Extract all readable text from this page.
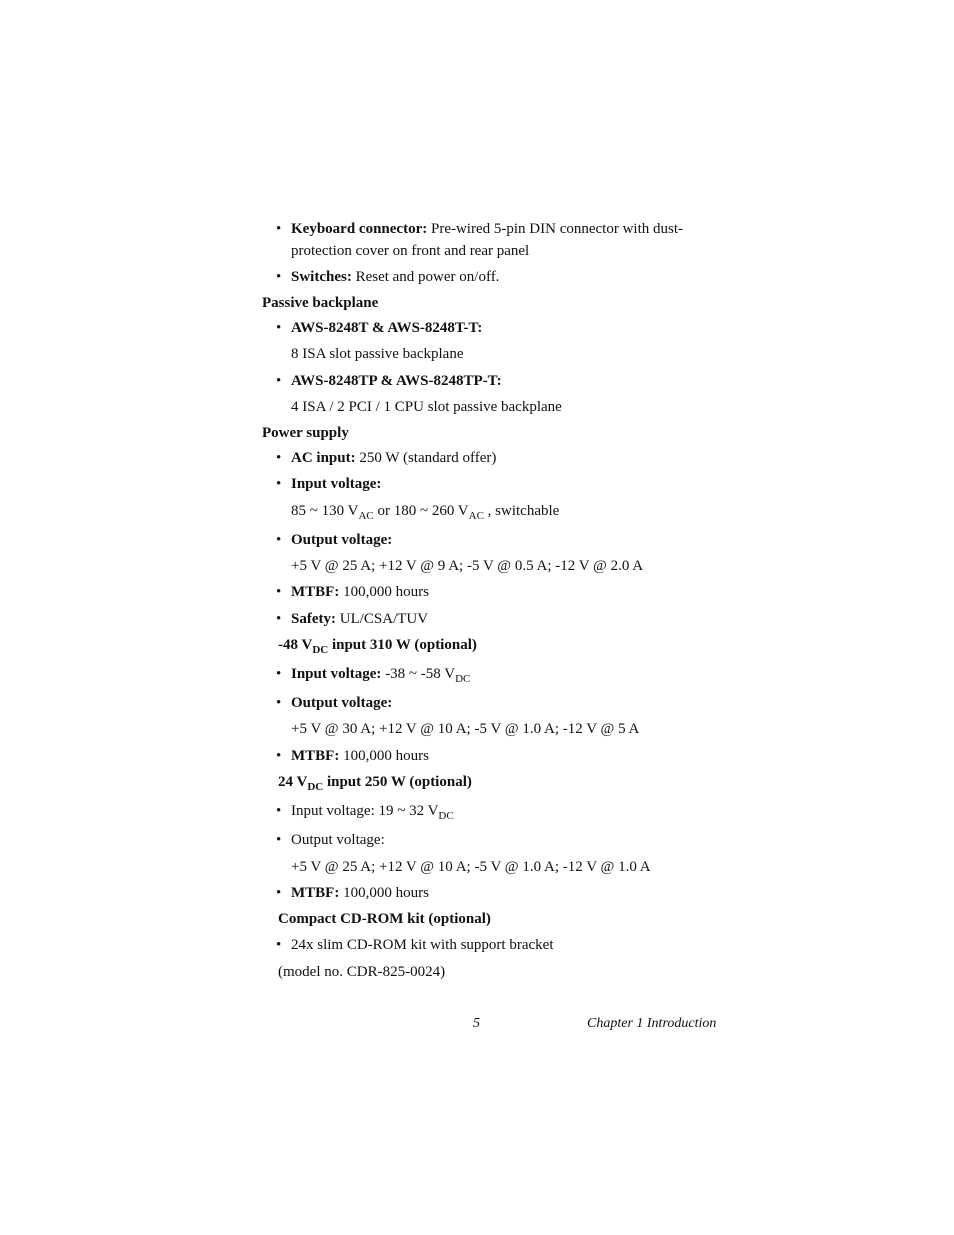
• Keyboard connector: Pre-wired 5-pin DIN connector with dust-
protection cover on front and rear panel
• Switches: Reset and power on/off.
Passive backplane
• AWS-8248T & AWS-8248T-T:
8 ISA slot passive backplane
• AWS-8248TP & AWS-8248TP-T:
4 ISA / 2 PCI / 1 CPU slot passive backplane
Power supply
• AC input: 250 W (standard offer)
• Input voltage:
85 ~ 130 $V_{AC}$ or 180 ~ 260 $V_{AC}$ , switchable
• Output voltage:
+5 V @ 25 A; +12 V @ 9 A; -5 V @ 0.5 A; -12 V @ 2.0 A
• MTBF: 100,000 hours
• Safety: UL/CSA/TUV
-48 $V_{DC}$ input 310 W (optional)
• Input voltage: -38 ~ -58 $V_{DC}$
• Output voltage:
+5 V @ 30 A; +12 V @ 10 A; -5 V @ 1.0 A; -12 V @ 5 A
• MTBF: 100,000 hours
24 $V_{DC}$ input 250 W (optional)
• Input voltage: 19 ~ 32 $V_{DC}$
• Output voltage:
+5 V @ 25 A; +12 V @ 10 A; -5 V @ 1.0 A; -12 V @ 1.0 A
• MTBF: 100,000 hours
Compact CD-ROM kit (optional)
• 24x slim CD-ROM kit with support bracket
(model no. CDR-825-0024)
5	Chapter 1 Introduction
